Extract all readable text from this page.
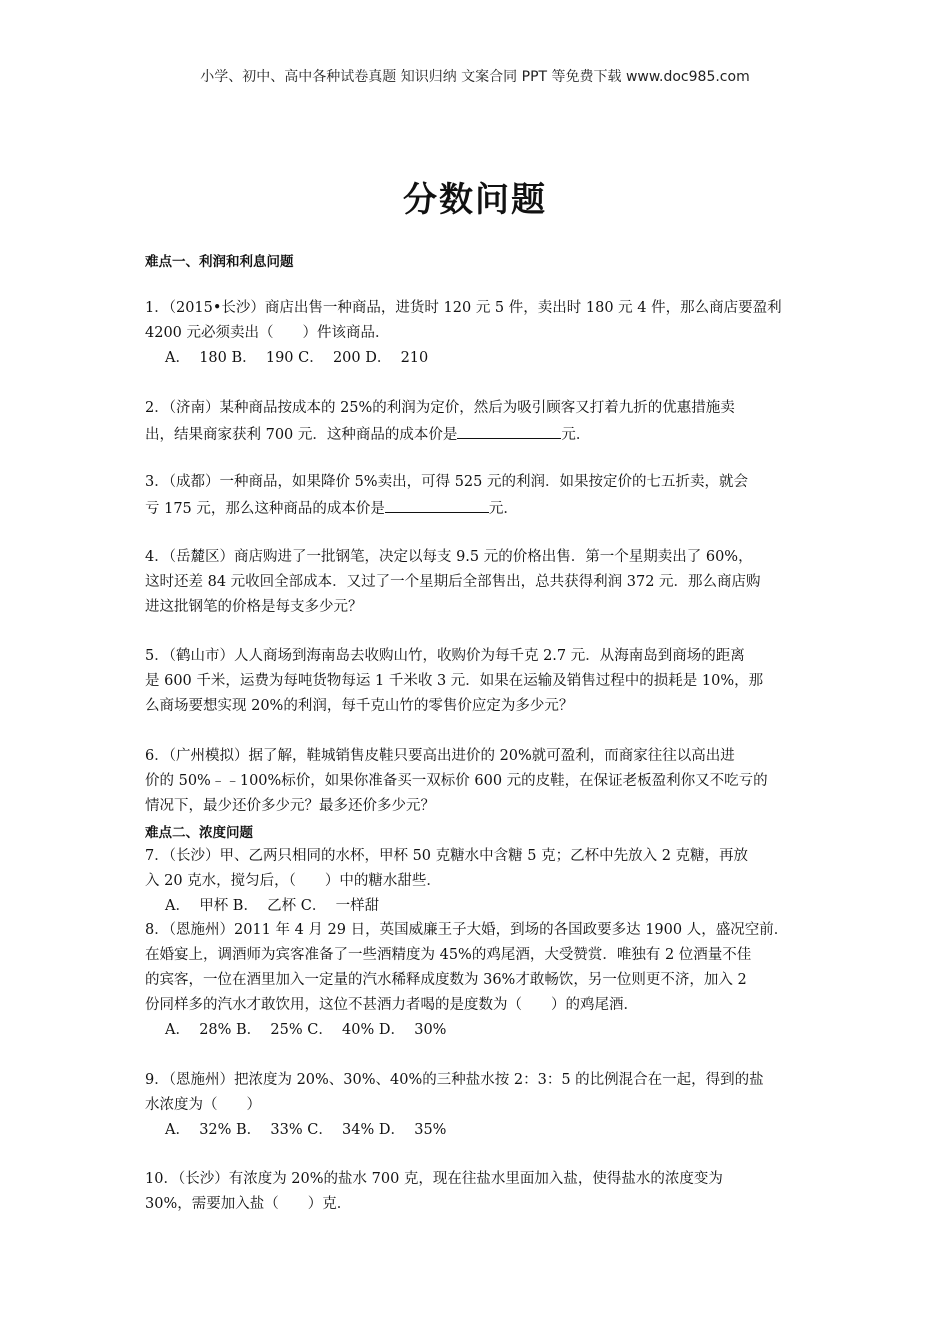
小学、初中、高中各种试卷真题 知识归纳 文案合同 PPT 等免费下载 www.doc985.com
分数问题
难点一、利润和利息问题
1．（2015•长沙）商店出售一种商品，进货时 120 元 5 件，卖出时 180 元 4 件，那么商店要盈利
4200 元必须卖出（　　）件该商品．
A．  180 B．  190 C．  200 D．  210
2．（济南）某种商品按成本的 25%的利润为定价，然后为吸引顾客又打着九折的优惠措施卖
出，结果商家获利 700 元．这种商品的成本价是	元．
3．（成都）一种商品，如果降价 5%卖出，可得 525 元的利润．如果按定价的七五折卖，就会
亏 175 元，那么这种商品的成本价是	元．
4．（岳麓区）商店购进了一批钢笔，决定以每支 9.5 元的价格出售．第一个星期卖出了 60%，
这时还差 84 元收回全部成本．又过了一个星期后全部售出，总共获得利润 372 元．那么商店购
进这批钢笔的价格是每支多少元？
5．（鹤山市）人人商场到海南岛去收购山竹，收购价为每千克 2.7 元．从海南岛到商场的距离
是 600 千米，运费为每吨货物每运 1 千米收 3 元．如果在运输及销售过程中的损耗是 10%，那
么商场要想实现 20%的利润，每千克山竹的零售价应定为多少元？
6．（广州模拟）据了解，鞋城销售皮鞋只要高出进价的 20%就可盈利，而商家往往以高出进
价的 50%﹣﹣100%标价，如果你准备买一双标价 600 元的皮鞋，在保证老板盈利你又不吃亏的
情况下，最少还价多少元？最多还价多少元？
难点二、浓度问题
7．（长沙）甲、乙两只相同的水杯，甲杯 50 克糖水中含糖 5 克；乙杯中先放入 2 克糖，再放
入 20 克水，搅匀后，（　　）中的糖水甜些．
A．  甲杯 B．  乙杯 C．  一样甜
8．（恩施州）2011 年 4 月 29 日，英国威廉王子大婚，到场的各国政要多达 1900 人，盛况空前．
在婚宴上，调酒师为宾客准备了一些酒精度为 45%的鸡尾酒，大受赞赏．唯独有 2 位酒量不佳
的宾客，一位在酒里加入一定量的汽水稀释成度数为 36%才敢畅饮，另一位则更不济，加入 2
份同样多的汽水才敢饮用，这位不甚酒力者喝的是度数为（　　）的鸡尾酒．
A．  28% B．  25% C．  40% D．  30%
9．（恩施州）把浓度为 20%、30%、40%的三种盐水按 2：3：5 的比例混合在一起，得到的盐
水浓度为（　　）
A．  32% B．  33% C．  34% D．  35%
10．（长沙）有浓度为 20%的盐水 700 克，现在往盐水里面加入盐，使得盐水的浓度变为
30%，需要加入盐（　　）克．
